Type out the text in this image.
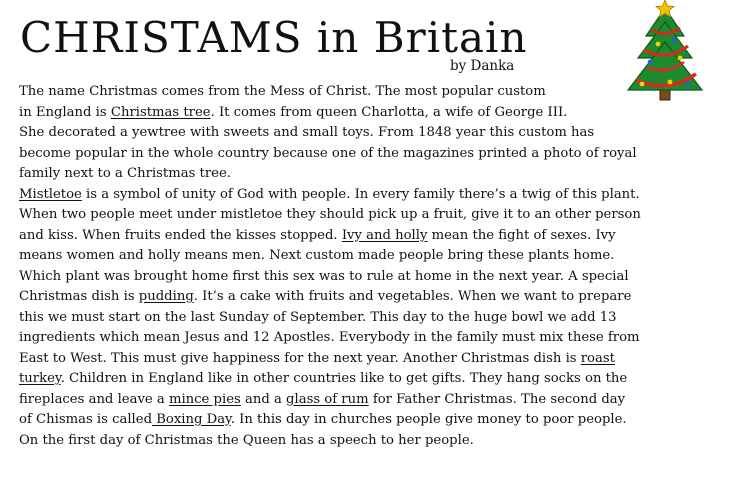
CHRISTAMS in Britain
by Danka
The name Christmas comes from the Mess of Christ. The most popular custom
in England is Christmas tree. It comes from queen Charlotta, a wife of George III.
She decorated a yewtree with sweets and small toys. From 1848 year this custom has
become popular in the whole country because one of the magazines printed a photo of royal
family next to a Christmas tree.
Mistletoe is a symbol of unity of God with people. In every family there’s a twig of this plant.
When two people meet under mistletoe they should pick up a fruit, give it to an other person
and kiss. When fruits ended the kisses stopped. Ivy and holly mean the fight of sexes. Ivy
means women and holly means men. Next custom made people bring these plants home.
Which plant was brought home first this sex was to rule at home in the next year. A special
Christmas dish is pudding. It’s a cake with fruits and vegetables. When we want to prepare
this we must start on the last Sunday of September. This day to the huge bowl we add 13
ingredients which mean Jesus and 12 Apostles. Everybody in the family must mix these from
East to West. This must give happiness for the next year. Another Christmas dish is roast
turkey. Children in England like in other countries like to get gifts. They hang socks on the
fireplaces and leave a mince pies and a glass of rum for Father Christmas. The second day
of Chismas is called Boxing Day. In this day in churches people give money to poor people.
On the first day of Christmas the Queen has a speech to her people.
